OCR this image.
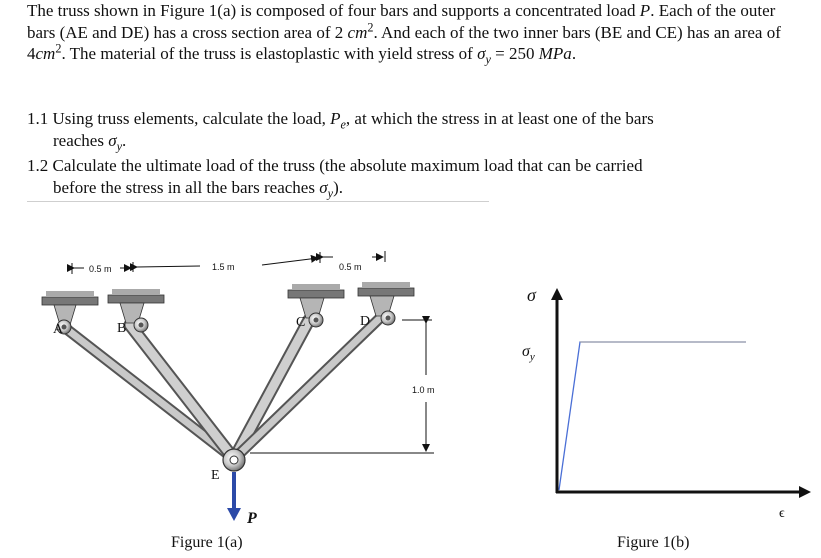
The truss shown in Figure 1(a) is composed of four bars and supports a concentrated load P. Each of the outer bars (AE and DE) has a cross section area of 2 $cm^2$. And each of the two inner bars (BE and CE) has an area of $4cm^2$. The material of the truss is elastoplastic with yield stress of $\sigma_y = 250$ MPa.

1.1 Using truss elements, calculate the load, $P_e$, at which the stress in at least one of the bars
reaches $\sigma_y$.
1.2 Calculate the ultimate load of the truss (the absolute maximum load that can be carried
before the stress in all the bars reaches $\sigma_y$).
0.5 m	1.5 m	0.5 m
A	B	C	D
E
1.0 m
P
Figure 1(a)
σ
$\sigma_y$
ϵ
Figure 1(b)
